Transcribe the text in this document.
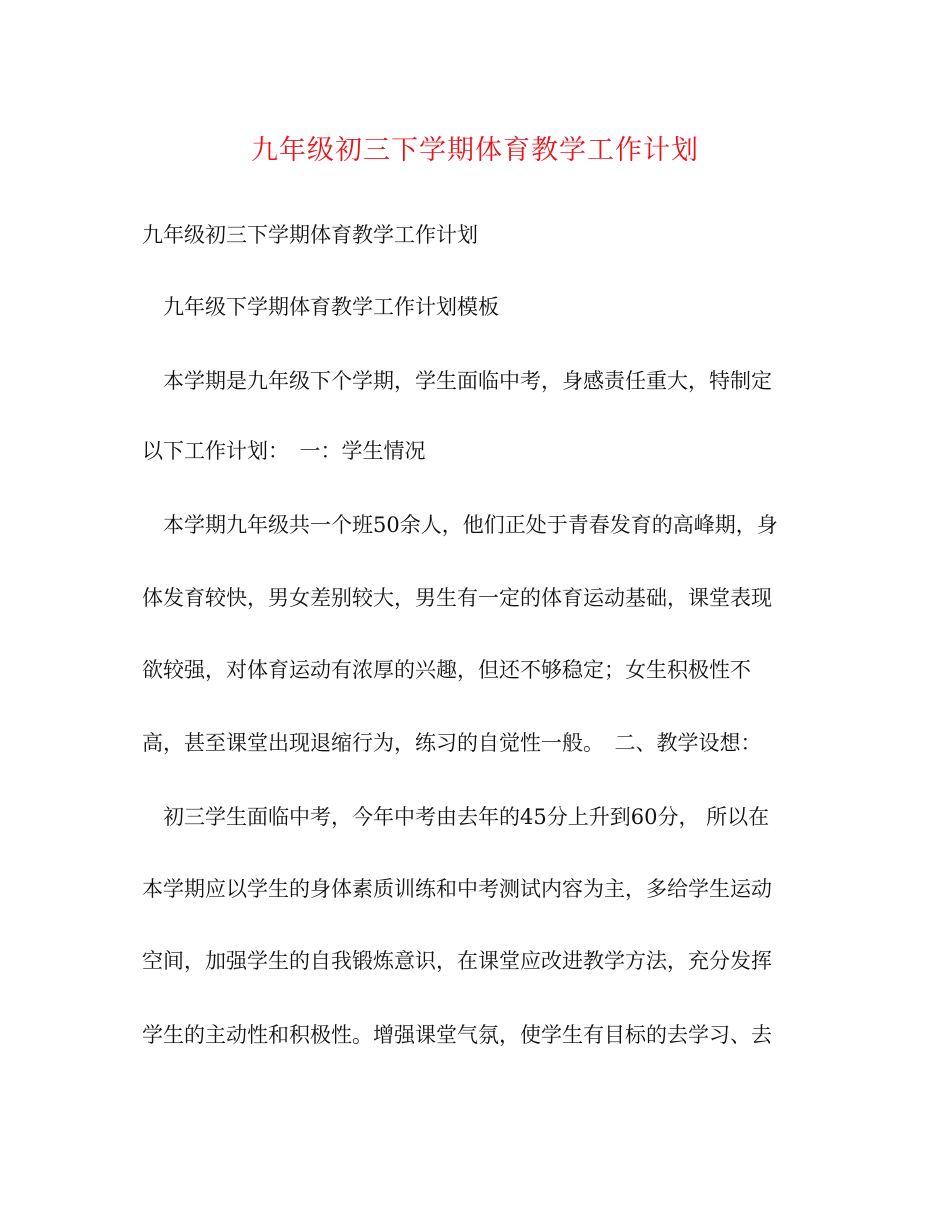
九年级初三下学期体育教学工作计划
九年级初三下学期体育教学工作计划
　九年级下学期体育教学工作计划模板
　本学期是九年级下个学期，学生面临中考，身感责任重大，特制定
以下工作计划：　一：学生情况
　本学期九年级共一个班50余人，他们正处于青春发育的高峰期，身
体发育较快，男女差别较大，男生有一定的体育运动基础，课堂表现
欲较强，对体育运动有浓厚的兴趣，但还不够稳定；女生积极性不
高，甚至课堂出现退缩行为，练习的自觉性一般。　二、教学设想：
　初三学生面临中考，今年中考由去年的45分上升到60分， 所以在
本学期应以学生的身体素质训练和中考测试内容为主，多给学生运动
空间，加强学生的自我锻炼意识，在课堂应改进教学方法，充分发挥
学生的主动性和积极性。增强课堂气氛，使学生有目标的去学习、去
